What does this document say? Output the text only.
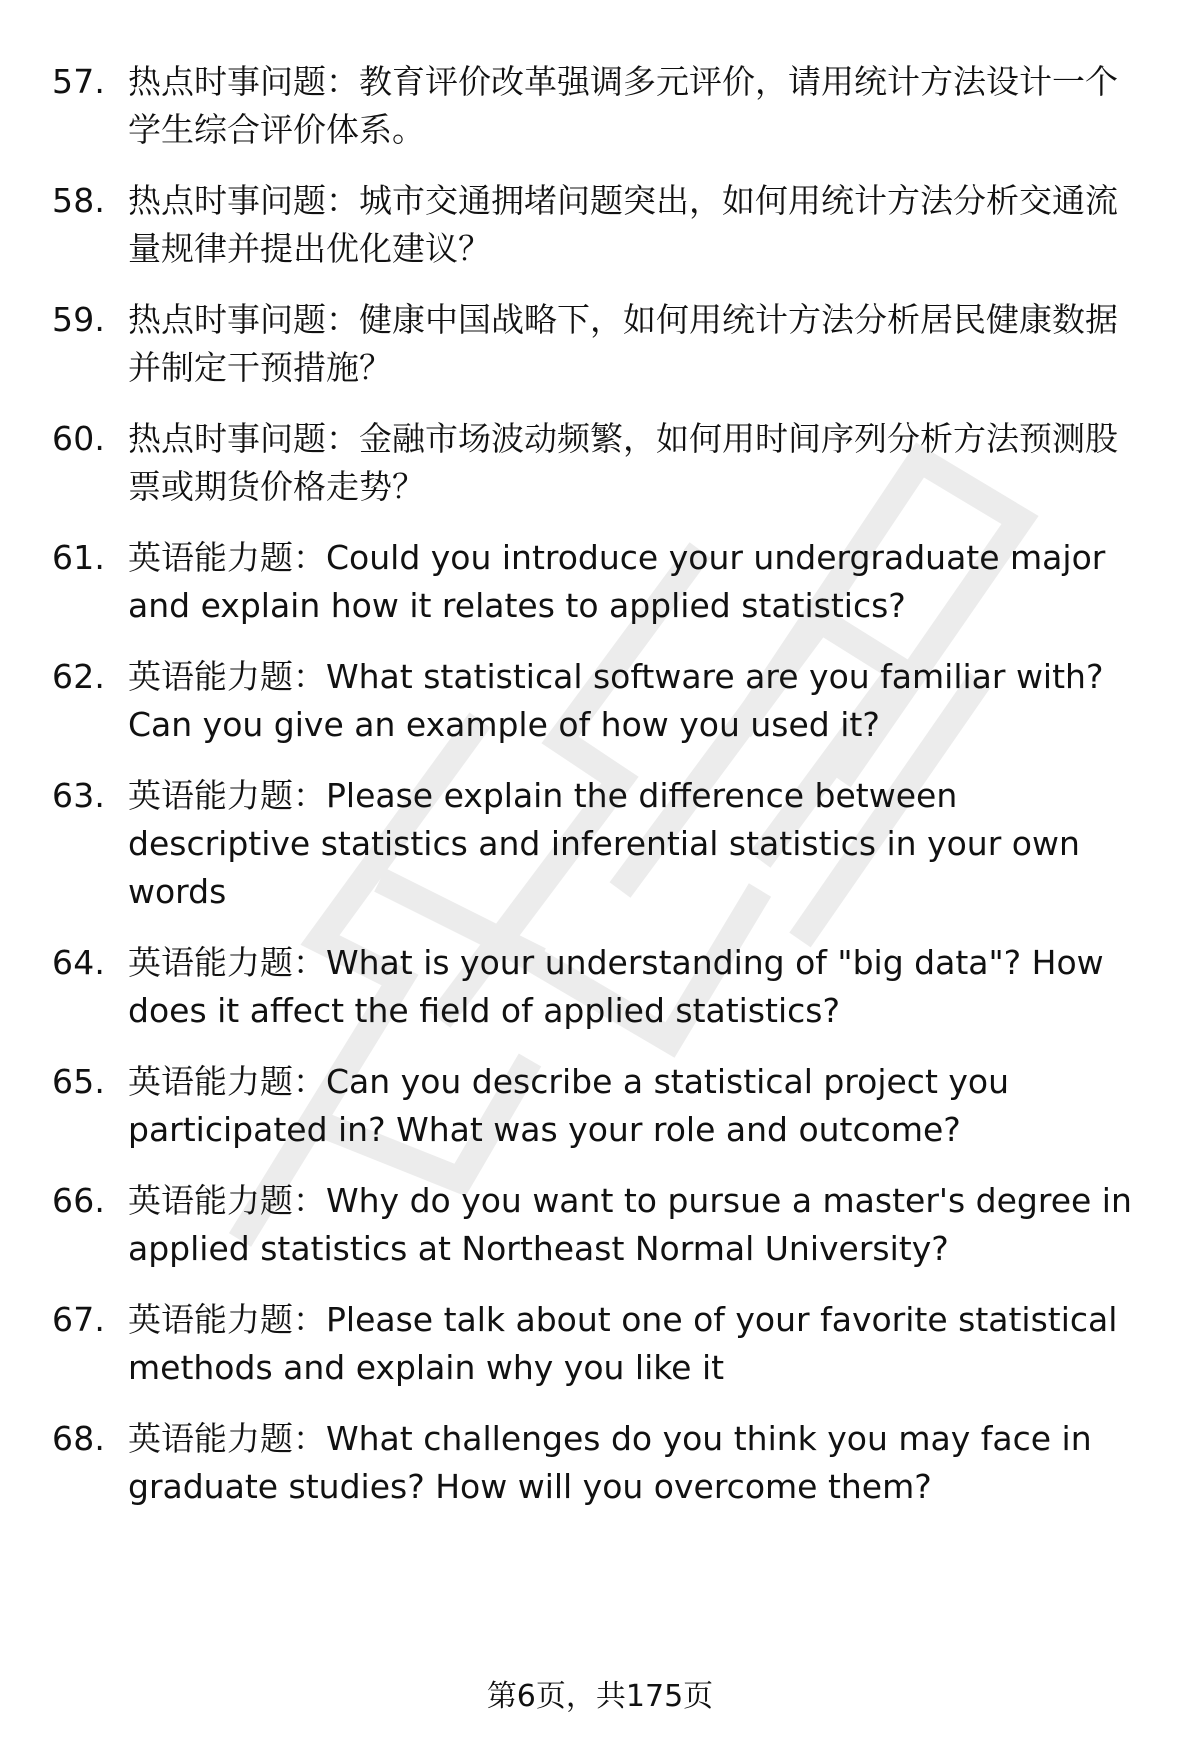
57. 热点时事问题：教育评价改革强调多元评价，请用统计方法设计一个学生综合评价体系。
58. 热点时事问题：城市交通拥堵问题突出，如何用统计方法分析交通流量规律并提出优化建议？
59. 热点时事问题：健康中国战略下，如何用统计方法分析居民健康数据并制定干预措施？
60. 热点时事问题：金融市场波动频繁，如何用时间序列分析方法预测股票或期货价格走势？
61. 英语能力题：Could you introduce your undergraduate major and explain how it relates to applied statistics?
62. 英语能力题：What statistical software are you familiar with? Can you give an example of how you used it?
63. 英语能力题：Please explain the difference between descriptive statistics and inferential statistics in your own words
64. 英语能力题：What is your understanding of "big data"? How does it affect the field of applied statistics?
65. 英语能力题：Can you describe a statistical project you participated in? What was your role and outcome?
66. 英语能力题：Why do you want to pursue a master's degree in applied statistics at Northeast Normal University?
67. 英语能力题：Please talk about one of your favorite statistical methods and explain why you like it
68. 英语能力题：What challenges do you think you may face in graduate studies? How will you overcome them?
第6页，共175页
